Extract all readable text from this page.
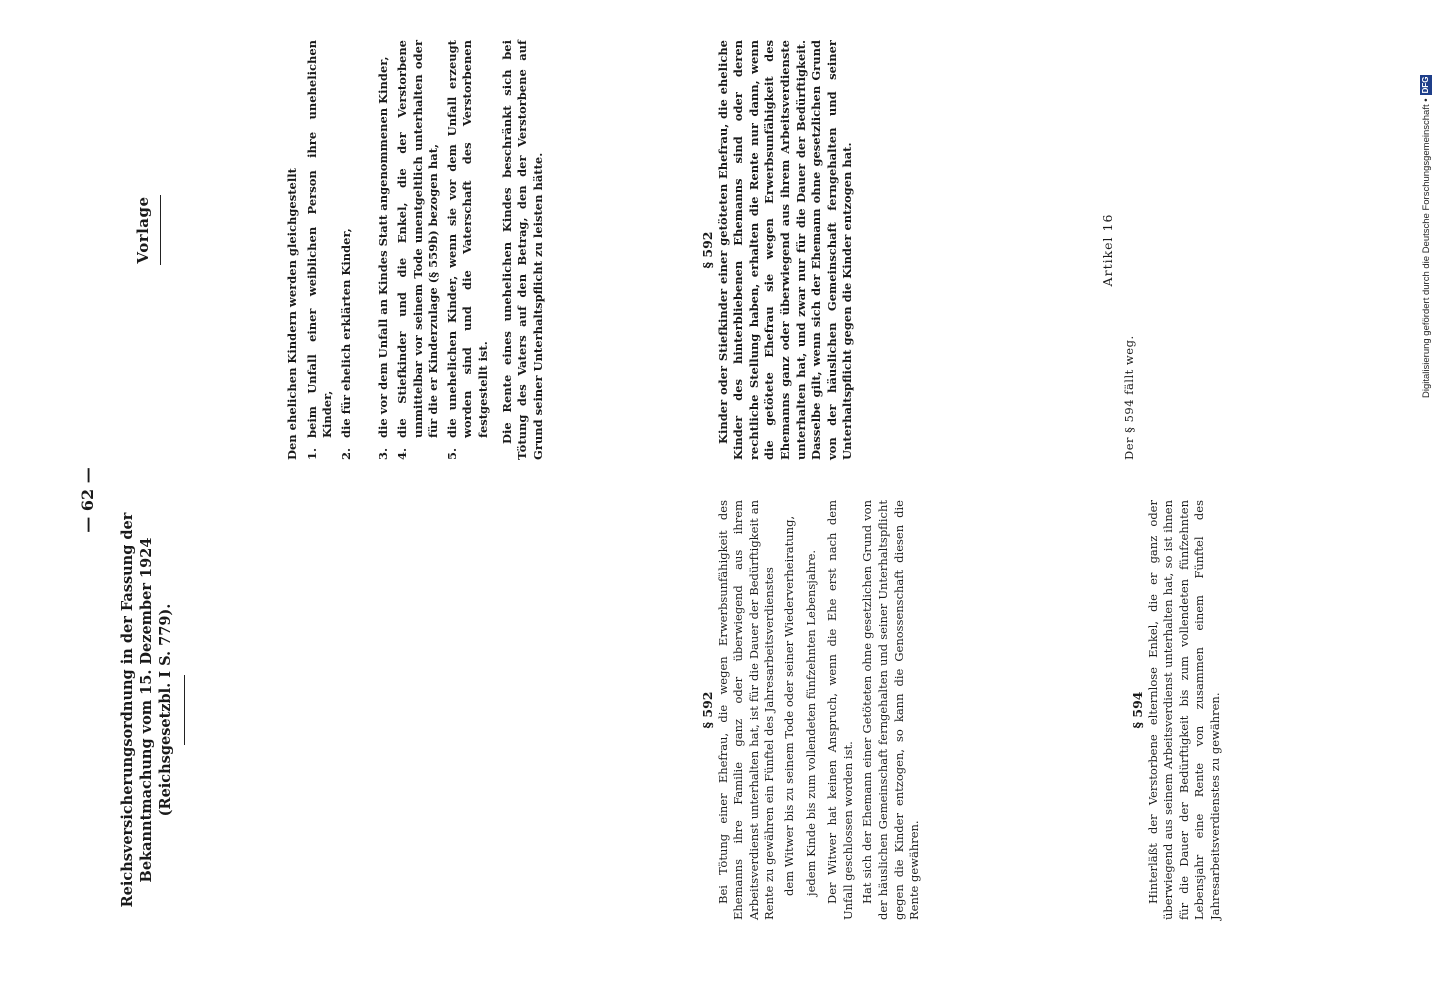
— 62 —
Vorlage
Reichsversicherungsordnung in der Fassung der Bekanntmachung vom 15. Dezember 1924 (Reichsgesetzbl. I S. 779).	§ 592 Bei Tötung einer Ehefrau, die wegen Erwerbsunfähigkeit des Ehemanns ihre Familie ganz oder überwiegend aus ihrem Arbeitsverdienst unterhalten hat, ist für die Dauer der Bedürftigkeit an Rente zu gewähren ein Fünftel des Jahresarbeitsverdienstes dem Witwer bis zu seinem Tode oder seiner Wiederverheiratung, jedem Kinde bis zum vollendeten fünfzehnten Lebensjahre. Der Witwer hat keinen Anspruch, wenn die Ehe erst nach dem Unfall geschlossen worden ist. Hat sich der Ehemann einer Getöteten ohne gesetzlichen Grund von der häuslichen Gemeinschaft ferngehalten und seiner Unterhaltspflicht gegen die Kinder entzogen, so kann die Genossenschaft diesen die Rente gewähren.

§ 594 Hinterläßt der Verstorbene elternlose Enkel, die er ganz oder überwiegend aus seinem Arbeitsverdienst unterhalten hat, so ist ihnen für die Dauer der Bedürftigkeit bis zum vollendeten fünfzehnten Lebensjahr eine Rente von zusammen einem Fünftel des Jahresarbeitsverdienstes zu gewähren.

Den ehelichen Kindern werden gleichgestellt 1.
beim Unfall einer weiblichen Person ihre unehelichen Kinder,
2.
die für ehelich erklärten Kinder,
3.
die vor dem Unfall an Kindes Statt angenommenen Kinder,
4.
die Stiefkinder und die Enkel, die der Verstorbene unmittelbar vor seinem Tode unentgeltlich unterhalten oder für die er Kinderzulage (§ 559b) bezogen hat,
5.
die unehelichen Kinder, wenn sie vor dem Unfall erzeugt worden sind und die Vaterschaft des Verstorbenen festgestellt ist. Die Rente eines unehelichen Kindes beschränkt sich bei Tötung des Vaters auf den Betrag, den der Verstorbene auf Grund seiner Unterhaltspflicht zu leisten hätte.	§ 592 Kinder oder Stiefkinder einer getöteten Ehefrau, die eheliche Kinder des hinterbliebenen Ehemanns sind oder deren rechtliche Stellung haben, erhalten die Rente nur dann, wenn die getötete Ehefrau sie wegen Erwerbsunfähigkeit des Ehemanns ganz oder überwiegend aus ihrem Arbeitsverdienste unterhalten hat, und zwar nur für die Dauer der Bedürftigkeit. Dasselbe gilt, wenn sich der Ehemann ohne gesetzlichen Grund von der häuslichen Gemeinschaft ferngehalten und seiner Unterhaltspflicht gegen die Kinder entzogen hat.	Artikel 16

Der § 594 fällt weg.	Digitalisierung gefördert durch die Deutsche Forschungsgemeinschaft •DFG
